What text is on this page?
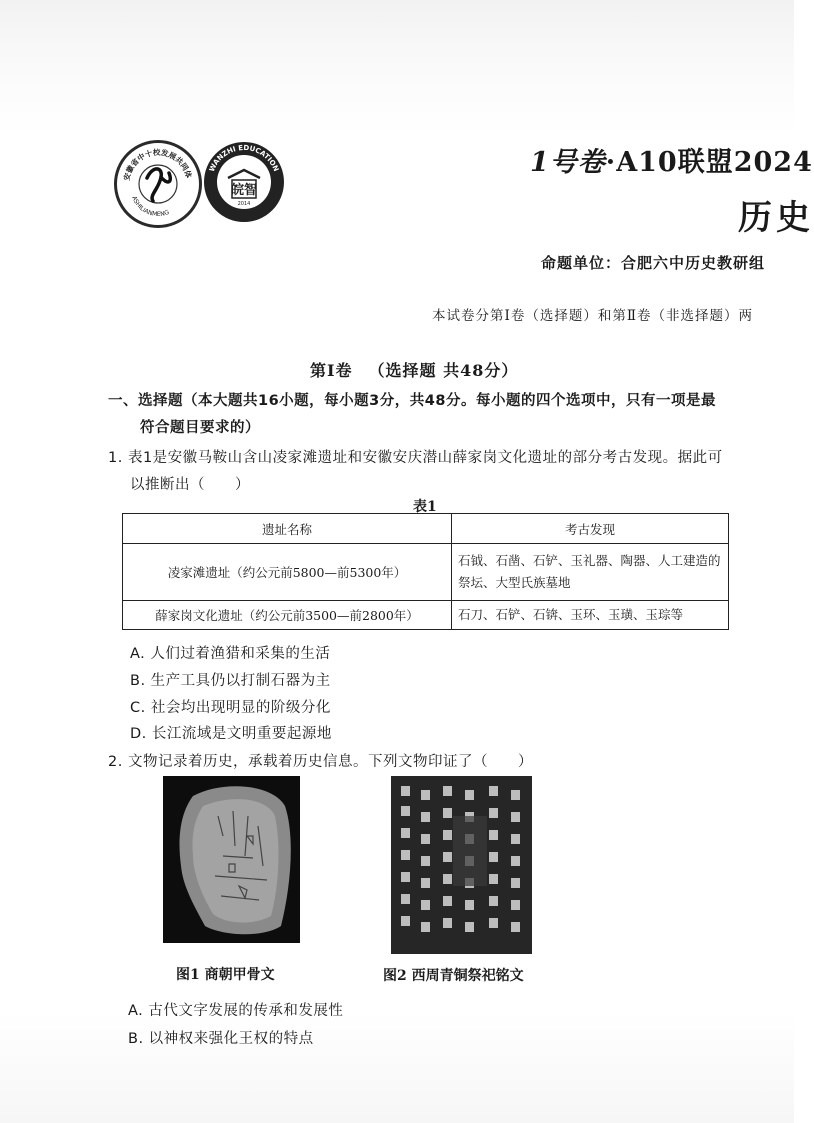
安徽省中十校发展共同体
ASHILIANMENG
WANZHI EDUCATION
皖智
2014
1号卷·A10联盟2024
历史
命题单位：合肥六中历史教研组
本试卷分第Ⅰ卷（选择题）和第Ⅱ卷（非选择题）两
第Ⅰ卷 （选择题 共48分）
一、选择题（本大题共16小题，每小题3分，共48分。每小题的四个选项中，只有一项是最
符合题目要求的）
1. 表1是安徽马鞍山含山凌家滩遗址和安徽安庆潜山薛家岗文化遗址的部分考古发现。据此可
以推断出（　　）
表1
遗址名称	考古发现
凌家滩遗址（约公元前5800—前5300年）	石钺、石凿、石铲、玉礼器、陶器、人工建造的祭坛、大型氏族墓地
薛家岗文化遗址（约公元前3500—前2800年）	石刀、石铲、石锛、玉环、玉璜、玉琮等
A. 人们过着渔猎和采集的生活
B. 生产工具仍以打制石器为主
C. 社会均出现明显的阶级分化
D. 长江流域是文明重要起源地
2. 文物记录着历史，承载着历史信息。下列文物印证了（　　）
图1 商朝甲骨文	图2 西周青铜祭祀铭文
A. 古代文字发展的传承和发展性
B. 以神权来强化王权的特点
